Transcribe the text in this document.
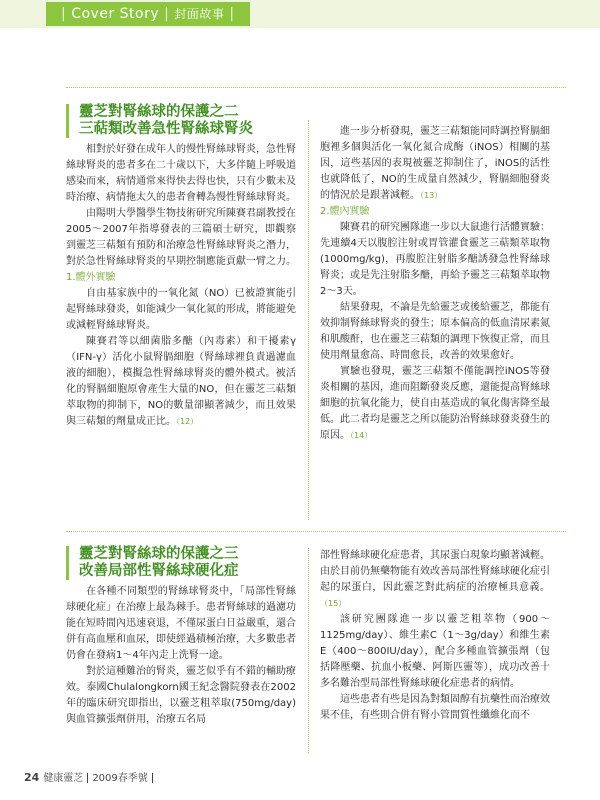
| Cover Story | 封面故事 |
靈芝對腎絲球的保護之二
三萜類改善急性腎絲球腎炎

相對於好發在成年人的慢性腎絲球腎炎，急性腎絲球腎炎的患者多在二十歲以下，大多伴隨上呼吸道感染而來，病情通常來得快去得也快，只有少數未及時治療、病情拖太久的患者會轉為慢性腎絲球腎炎。

由陽明大學醫學生物技術研究所陳賽君副教授在2005～2007年指導發表的三篇碩士研究，即觀察到靈芝三萜類有預防和治療急性腎絲球腎炎之潛力，對於急性腎絲球腎炎的早期控制應能貢獻一臂之力。

1.體外實驗

自由基家族中的一氧化氮（NO）已被證實能引起腎絲球發炎，如能減少一氧化氮的形成，將能避免或減輕腎絲球腎炎。

陳賽君等以細菌脂多醣（內毒素）和干擾素γ（IFN-γ）活化小鼠腎膈細胞（腎絲球裡負責過濾血液的細胞），模擬急性腎絲球腎炎的體外模式。被活化的腎膈細胞原會產生大量的NO，但在靈芝三萜類萃取物的抑制下，NO的數量卻顯著減少，而且效果與三萜類的劑量成正比。（12）

進一步分析發現，靈芝三萜類能同時調控腎膈細胞裡多個與活化一氧化氮合成酶（iNOS）相關的基因，這些基因的表現被靈芝抑制住了，iNOS的活性也就降低了，NO的生成量自然減少，腎膈細胞發炎的情況於是跟著減輕。（13）

2.體內實驗

陳賽君的研究團隊進一步以大鼠進行活體實驗：先連續4天以腹腔注射或胃管灌食靈芝三萜類萃取物(1000mg/kg)，再腹腔注射脂多醣誘發急性腎絲球腎炎；或是先注射脂多醣，再給予靈芝三萜類萃取物2～3天。

結果發現，不論是先給靈芝或後給靈芝，都能有效抑制腎絲球腎炎的發生；原本偏高的低血清尿素氮和肌酸酐，也在靈芝三萜類的調理下恢復正常，而且使用劑量愈高、時間愈長，改善的效果愈好。

實驗也發現，靈芝三萜類不僅能調控iNOS等發炎相關的基因，進而阻斷發炎反應，還能提高腎絲球細胞的抗氧化能力，使自由基造成的氧化傷害降至最低。此二者均是靈芝之所以能防治腎絲球發炎發生的原因。（14）

靈芝對腎絲球的保護之三
改善局部性腎絲球硬化症

在各種不同類型的腎絲球腎炎中，「局部性腎絲球硬化症」在治療上最為棘手。患者腎絲球的過濾功能在短時間內迅速衰退，不僅尿蛋白日益嚴重，還合併有高血壓和血尿，即使經過積極治療，大多數患者仍會在發病1～4年內走上洗腎一途。

對於這種難治的腎炎，靈芝似乎有不錯的輔助療效。泰國Chulalongkorn國王紀念醫院發表在2002年的臨床研究即指出，以靈芝粗萃取(750mg/day)與血管擴張劑併用，治療五名局

部性腎絲球硬化症患者，其尿蛋白現象均顯著減輕。由於目前仍無藥物能有效改善局部性腎絲球硬化症引起的尿蛋白，因此靈芝對此病症的治療極具意義。（15）

該研究團隊進一步以靈芝粗萃物（900～1125mg/day）、維生素C（1～3g/day）和維生素E（400～800IU/day），配合多種血管擴張劑（包括降壓藥、抗血小板藥、阿斯匹靈等），成功改善十多名難治型局部性腎絲球硬化症患者的病情。

這些患者有些是因為對類固醇有抗藥性而治療效果不佳，有些則合併有腎小管間質性纖維化而不

24 健康靈芝 2009春季號
